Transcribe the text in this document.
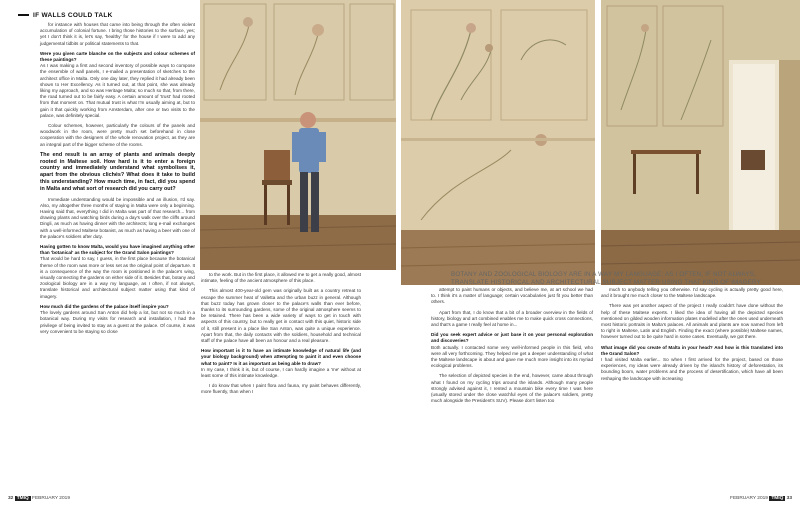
IF WALLS COULD TALK

for instance with houses that came into being through the often violent accumulation of colonial fortune. I bring those histories to the surface, yes; yet I don't think it is, let's say, 'healthy' for the house if I were to add any judgemental tidbits or political statements to that.

Were you given carte blanche on the subjects and colour schemes of these paintings?

As I was making a first and second inventory of possible ways to compose the ensemble of wall panels, I e-mailed a presentation of sketches to the architect office in Malta. Only one day later, they replied it had already been shown to Her Excellency. As it turned out, at that point, she was already liking my approach, and so was Heritage Malta; so much so that, from there, the road turned out to be fairly easy. A certain amount of 'trust' had rooted from that moment on. That mutual trust is what I'm usually aiming at, but to gain it that quickly working from Amsterdam, after one or two visits to the palace, was definitely special.

Colour schemes, however, particularly the colours of the panels and woodwork in the room, were pretty much set beforehand in close cooperation with the designers of the whole renovation project, as they are an integral part of the bigger scheme of the rooms.

The end result is an array of plants and animals deeply rooted in Maltese soil. How hard is it to enter a foreign country and immediately understand what symbolises it, apart from the obvious clichés? What does it take to build this understanding? How much time, in fact, did you spend in Malta and what sort of research did you carry out?

Immediate understanding would be impossible and an illusion, I'd say. Also, my altogether three months of staying in Malta were only a beginning. Having said that, everything I did in Malta was part of that research... from drawing plants and watching birds during a day's walk over the cliffs around Dingli, as much as having dinner with the architects; long e-mail exchanges with a well-informed Maltese botanist, as much as having a beer with one of the palace's soldiers after duty.

Having gotten to know Malta, would you have imagined anything other than 'botanical' as the subject for the Grand Salon paintings?

That would be hard to say, I guess, in the first place because the botanical theme of the room was more or less set as the original point of departure. It is a consequence of the way the room is positioned in the palace's wing, visually connecting the gardens on either side of it. Besides that, botany and zoological biology are in a way my language, as I often, if not always, translate historical and architectural subject matter using that kind of imagery.

How much did the gardens of the palace itself inspire you?

The lovely gardens around San Anton did help a lot, but not so much in a botanical way. During my visits for research and installation, I had the privilege of being invited to stay as a guest at the palace. Of course, it was very convenient to be staying so close

BOTANY AND ZOOLOGICAL BIOLOGY ARE IN A WAY MY LANGUAGE; AS I OFTEN, IF NOT ALWAYS, TRANSLATE HISTORICAL AND ARCHITECTURAL SUBJECT MATTER USING THAT KIND OF IMAGERY

to the work. But in the first place, it allowed me to get a really good, almost intimate, feeling of the ancient atmosphere of this place.

This almost 400-year-old gem was originally built as a country retreat to escape the summer heat of Valletta and the urban buzz in general. Although that buzz today has grown closer to the palace's walls than ever before, thanks to its surrounding gardens, some of the original atmosphere seems to be retained. There has been a wide variety of ways to get in touch with aspects of this country, but to really get in contact with this quiet, historic side of it, still present in a place like San Anton, was quite a unique experience. Apart from that, the daily contacts with the soldiers, household and technical staff of the palace have all been an honour and a real pleasure.

How important is it to have an intimate knowledge of natural life (and your biology background) when attempting to paint it and even choose what to paint? Is it as important as being able to draw?

In my case, I think it is, but of course, I can hardly imagine a 'me' without at least some of this intimate knowledge.

I do know that when I paint flora and fauna, my paint behaves differently, more fluently, than when I

attempt to paint humans or objects, and believe me, at art school we had to. I think it's a matter of language; certain vocabularies just fit you better than others.

Apart from that, I do know that a bit of a broader overview in the fields of history, biology and art combined enables me to make quick cross connections, and that's a game I really feel at home in...

Did you seek expert advice or just base it on your personal exploration and discoveries?

Both actually. I contacted some very well-informed people in this field, who were all very forthcoming. They helped me get a deeper understanding of what the Maltese landscape is about and gave me much more insight into its myriad ecological problems.

The selection of depicted species in the end, however, came about through what I found on my cycling trips around the islands. Although many people strongly advised against it, I rented a mountain bike every time I was here (usually stored under the close watchful eyes of the palace's soldiers, pretty much alongside the President's SUV). Please don't listen too

much to anybody telling you otherwise. I'd say cycling is actually pretty good here, and it brought me much closer to the Maltese landscape.

There was yet another aspect of the project I really couldn't have done without the help of these Maltese experts. I liked the idea of having all the depicted species mentioned on gilded wooden information plates modelled after the ones used underneath most historic portraits in Malta's palaces. All animals and plants are now named from left to right in Maltese, Latin and English. Finding the exact (where possible) Maltese names, however turned out to be quite hard in some cases. Eventually, we got there.

What image did you create of Malta in your head? And how is this translated into the Grand Salon?

I had visited Malta earlier... So when I first arrived for the project, based on those experiences, my ideas were already driven by the island's history of deforestation, its bounding boom, water problems and the process of desertification, which have all been reshaping the landscape with increasing

32 TMIQ FEBRUARY 2019	FEBRUARY 2019 TMIQ 33
